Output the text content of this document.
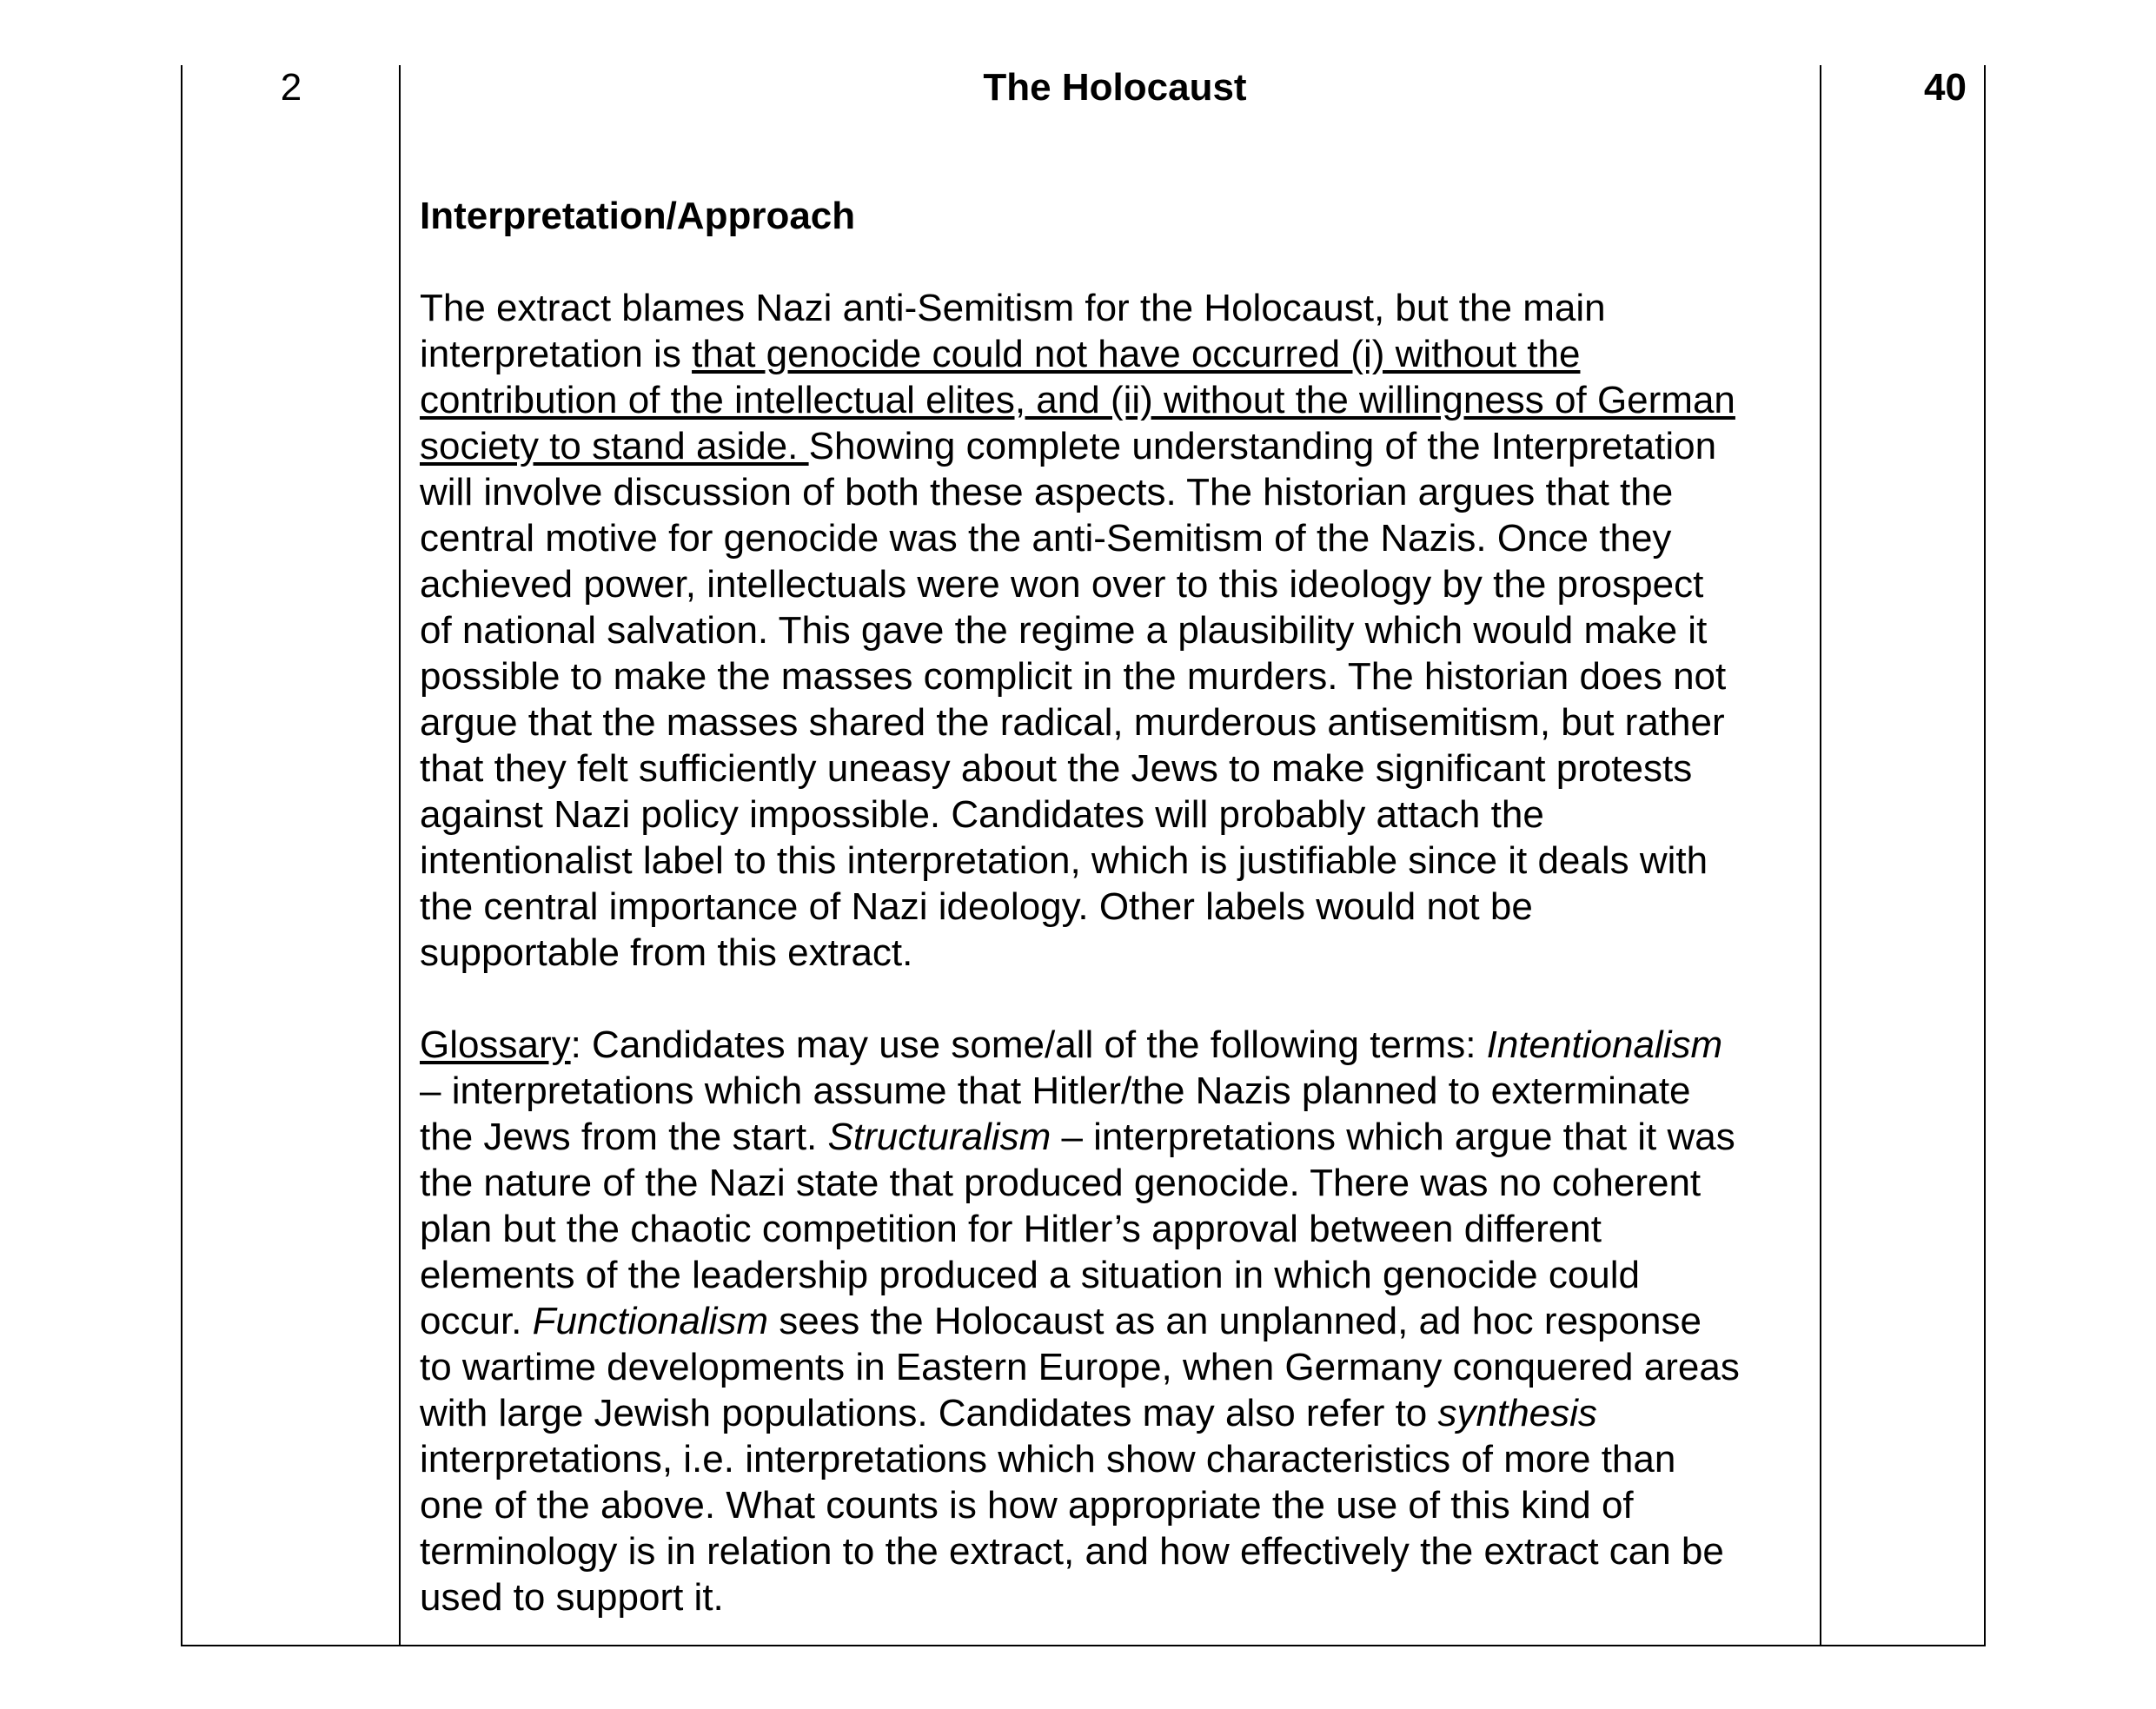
2	40

The Holocaust

Interpretation/Approach

The extract blames Nazi anti-Semitism for the Holocaust, but the main
interpretation is that genocide could not have occurred (i) without the
contribution of the intellectual elites, and (ii) without the willingness of German
society to stand aside. Showing complete understanding of the Interpretation
will involve discussion of both these aspects. The historian argues that the
central motive for genocide was the anti-Semitism of the Nazis. Once they
achieved power, intellectuals were won over to this ideology by the prospect
of national salvation. This gave the regime a plausibility which would make it
possible to make the masses complicit in the murders. The historian does not
argue that the masses shared the radical, murderous antisemitism, but rather
that they felt sufficiently uneasy about the Jews to make significant protests
against Nazi policy impossible. Candidates will probably attach the
intentionalist label to this interpretation, which is justifiable since it deals with
the central importance of Nazi ideology. Other labels would not be
supportable from this extract.

Glossary: Candidates may use some/all of the following terms: Intentionalism
– interpretations which assume that Hitler/the Nazis planned to exterminate
the Jews from the start. Structuralism – interpretations which argue that it was
the nature of the Nazi state that produced genocide. There was no coherent
plan but the chaotic competition for Hitler’s approval between different
elements of the leadership produced a situation in which genocide could
occur. Functionalism sees the Holocaust as an unplanned, ad hoc response
to wartime developments in Eastern Europe, when Germany conquered areas
with large Jewish populations. Candidates may also refer to synthesis
interpretations, i.e. interpretations which show characteristics of more than
one of the above. What counts is how appropriate the use of this kind of
terminology is in relation to the extract, and how effectively the extract can be
used to support it.
